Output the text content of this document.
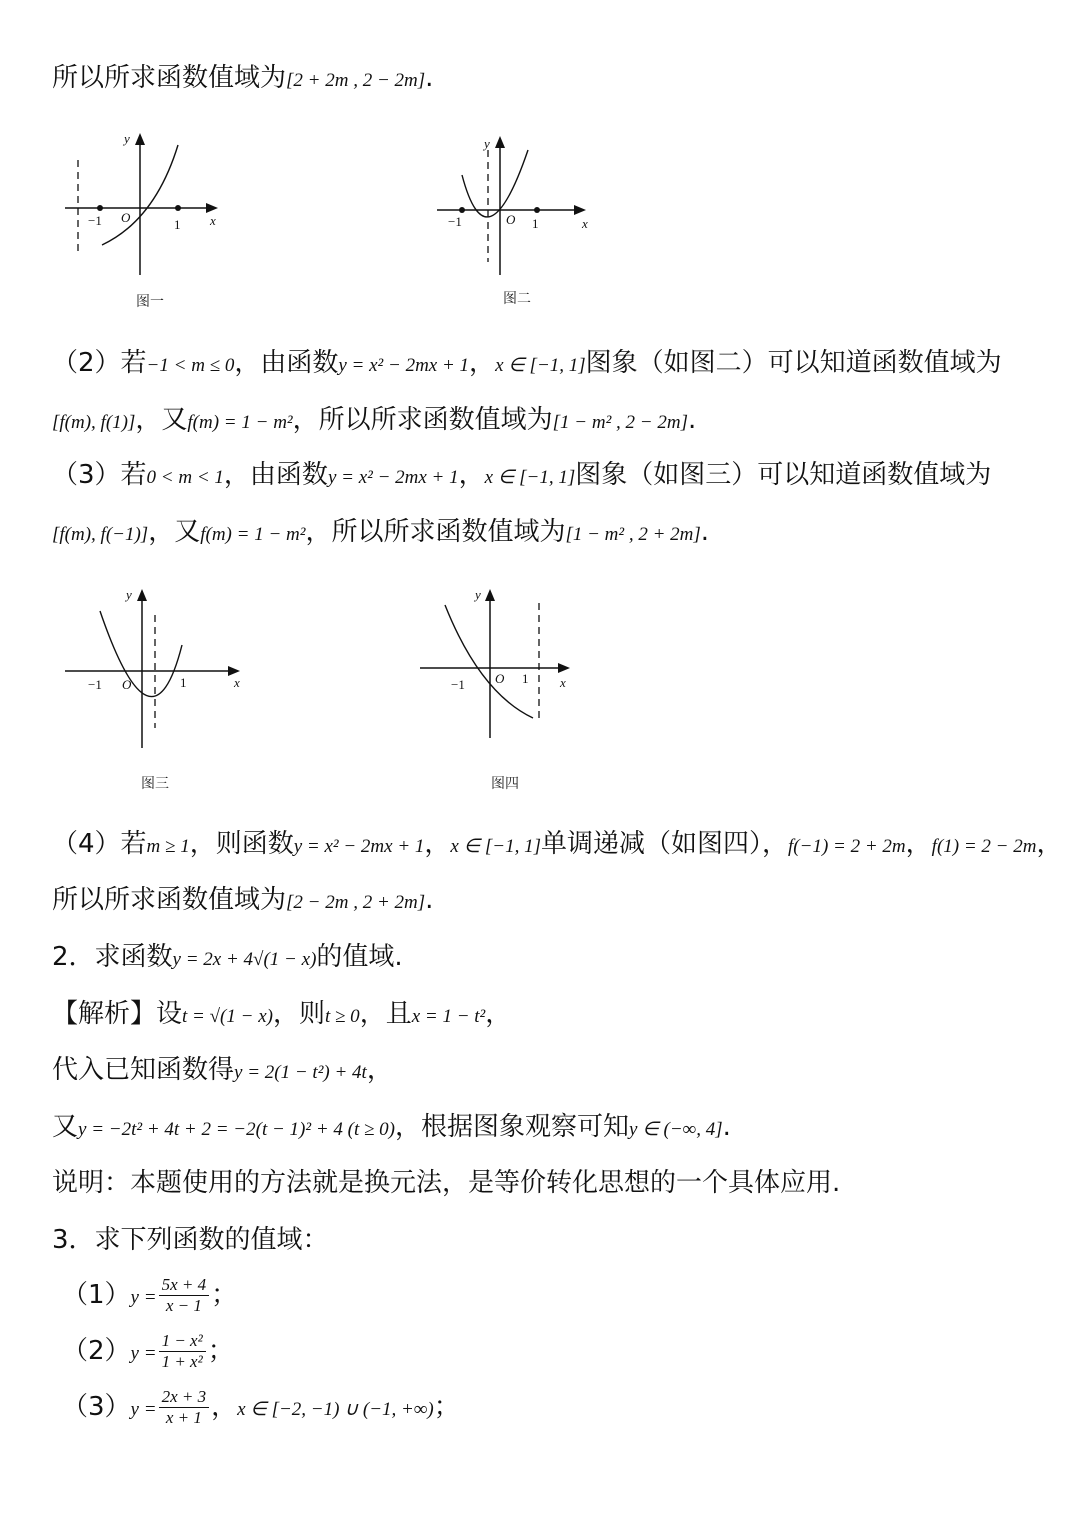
所以所求函数值域为[2 + 2m , 2 − 2m].
−1	1
O	x
y
图一
−1	1
O	x
y
图二
（2）若−1 < m ≤ 0，由函数y = x² − 2mx + 1，x ∈ [−1, 1]图象（如图二）可以知道函数值域为
[f(m), f(1)]，又f(m) = 1 − m²，所以所求函数值域为[1 − m² , 2 − 2m].
（3）若0 < m < 1，由函数y = x² − 2mx + 1，x ∈ [−1, 1]图象（如图三）可以知道函数值域为
[f(m), f(−1)]，又f(m) = 1 − m²，所以所求函数值域为[1 − m² , 2 + 2m].
−1	1
O	x
y
图三
−1	1
O	x
y
图四
（4）若m ≥ 1，则函数y = x² − 2mx + 1，x ∈ [−1, 1]单调递减（如图四），f(−1) = 2 + 2m，f(1) = 2 − 2m，
所以所求函数值域为[2 − 2m , 2 + 2m].
2．求函数y = 2x + 4√(1 − x)的值域.
【解析】设t = √(1 − x)，则t ≥ 0，且x = 1 − t²，
代入已知函数得y = 2(1 − t²) + 4t，
又y = −2t² + 4t + 2 = −2(t − 1)² + 4 (t ≥ 0)，根据图象观察可知y ∈ (−∞, 4].
说明：本题使用的方法就是换元法，是等价转化思想的一个具体应用.
3．求下列函数的值域：
$(1)y = \frac{5x + 4}{x - 1}$ ；
$(2)y = \frac{\text{1 − x²}}{\text{1 + x²}}$ ；
$(3)y = \frac{2x + 3}{x + 1}$ ，x ∈ [−2, −1) ∪ (−1, +∞)；
